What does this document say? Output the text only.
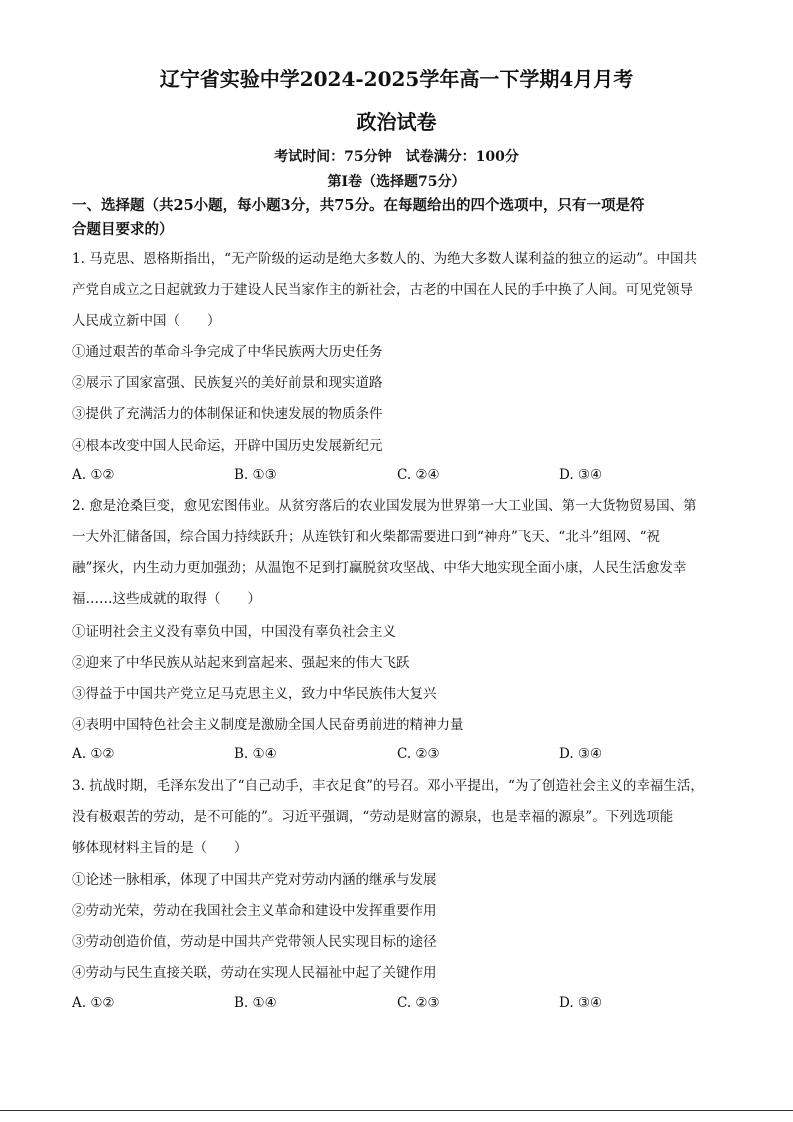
辽宁省实验中学2024-2025学年高一下学期4月月考
政治试卷
考试时间：75分钟　试卷满分：100分
第Ⅰ卷（选择题75分）
一、选择题（共25小题，每小题3分，共75分。在每题给出的四个选项中，只有一项是符
合题目要求的）
1. 马克思、恩格斯指出，“无产阶级的运动是绝大多数人的、为绝大多数人谋利益的独立的运动”。中国共
产党自成立之日起就致力于建设人民当家作主的新社会，古老的中国在人民的手中换了人间。可见党领导
人民成立新中国（　　）
①通过艰苦的革命斗争完成了中华民族两大历史任务
②展示了国家富强、民族复兴的美好前景和现实道路
③提供了充满活力的体制保证和快速发展的物质条件
④根本改变中国人民命运，开辟中国历史发展新纪元
A. ①②	B. ①③	C. ②④	D. ③④
2. 愈是沧桑巨变，愈见宏图伟业。从贫穷落后的农业国发展为世界第一大工业国、第一大货物贸易国、第
一大外汇储备国，综合国力持续跃升；从连铁钉和火柴都需要进口到“神舟”飞天、“北斗”组网、“祝
融”探火，内生动力更加强劲；从温饱不足到打赢脱贫攻坚战、中华大地实现全面小康，人民生活愈发幸
福……这些成就的取得（　　）
①证明社会主义没有辜负中国，中国没有辜负社会主义
②迎来了中华民族从站起来到富起来、强起来的伟大飞跃
③得益于中国共产党立足马克思主义，致力中华民族伟大复兴
④表明中国特色社会主义制度是激励全国人民奋勇前进的精神力量
A. ①②	B. ①④	C. ②③	D. ③④
3. 抗战时期，毛泽东发出了“自己动手，丰衣足食”的号召。邓小平提出，“为了创造社会主义的幸福生活，
没有极艰苦的劳动，是不可能的”。习近平强调，“劳动是财富的源泉，也是幸福的源泉”。下列选项能
够体现材料主旨的是（　　）
①论述一脉相承，体现了中国共产党对劳动内涵的继承与发展
②劳动光荣，劳动在我国社会主义革命和建设中发挥重要作用
③劳动创造价值，劳动是中国共产党带领人民实现目标的途径
④劳动与民生直接关联，劳动在实现人民福祉中起了关键作用
A. ①②	B. ①④	C. ②③	D. ③④
